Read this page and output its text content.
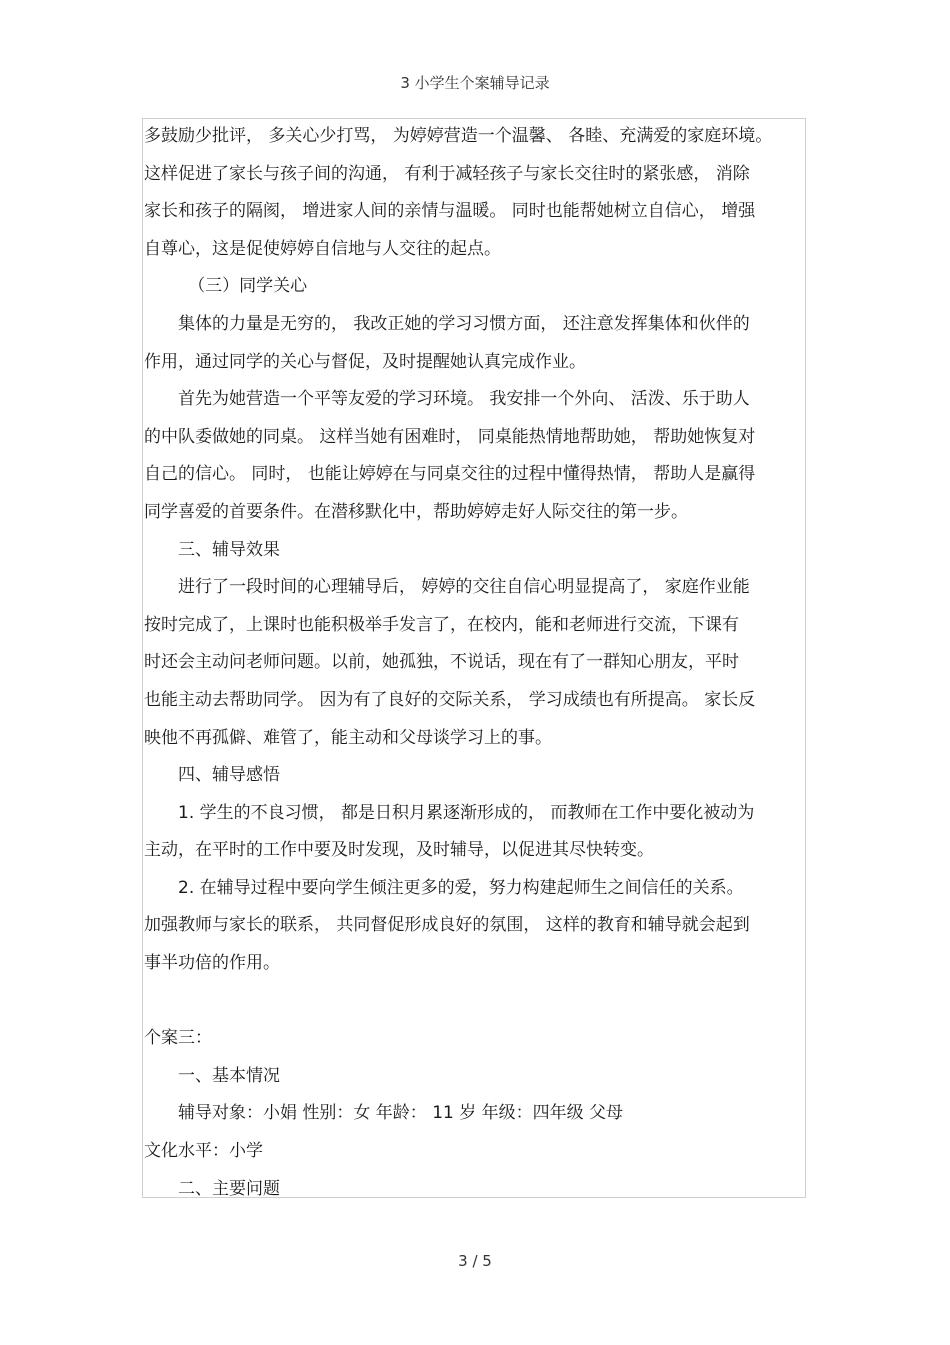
3 小学生个案辅导记录

多鼓励少批评， 多关心少打骂， 为婷婷营造一个温馨、 各睦、充满爱的家庭环境。

这样促进了家长与孩子间的沟通， 有利于减轻孩子与家长交往时的紧张感， 消除

家长和孩子的隔阂， 增进家人间的亲情与温暖。 同时也能帮她树立自信心， 增强

自尊心，这是促使婷婷自信地与人交往的起点。

（三）同学关心

集体的力量是无穷的， 我改正她的学习习惯方面， 还注意发挥集体和伙伴的

作用，通过同学的关心与督促，及时提醒她认真完成作业。

首先为她营造一个平等友爱的学习环境。 我安排一个外向、 活泼、乐于助人

的中队委做她的同桌。 这样当她有困难时， 同桌能热情地帮助她， 帮助她恢复对

自己的信心。 同时， 也能让婷婷在与同桌交往的过程中懂得热情， 帮助人是赢得

同学喜爱的首要条件。在潜移默化中，帮助婷婷走好人际交往的第一步。

三、辅导效果

进行了一段时间的心理辅导后， 婷婷的交往自信心明显提高了， 家庭作业能

按时完成了，上课时也能积极举手发言了，在校内，能和老师进行交流，下课有

时还会主动问老师问题。以前，她孤独，不说话，现在有了一群知心朋友，平时

也能主动去帮助同学。 因为有了良好的交际关系， 学习成绩也有所提高。 家长反

映他不再孤僻、难管了，能主动和父母谈学习上的事。

四、辅导感悟

1. 学生的不良习惯， 都是日积月累逐渐形成的， 而教师在工作中要化被动为

主动，在平时的工作中要及时发现，及时辅导，以促进其尽快转变。

2. 在辅导过程中要向学生倾注更多的爱，努力构建起师生之间信任的关系。

加强教师与家长的联系， 共同督促形成良好的氛围， 这样的教育和辅导就会起到

事半功倍的作用。

个案三：

一、基本情况

辅导对象：小娟 性别：女 年龄： 11 岁 年级：四年级 父母

文化水平：小学

二、主要问题

3 / 5
